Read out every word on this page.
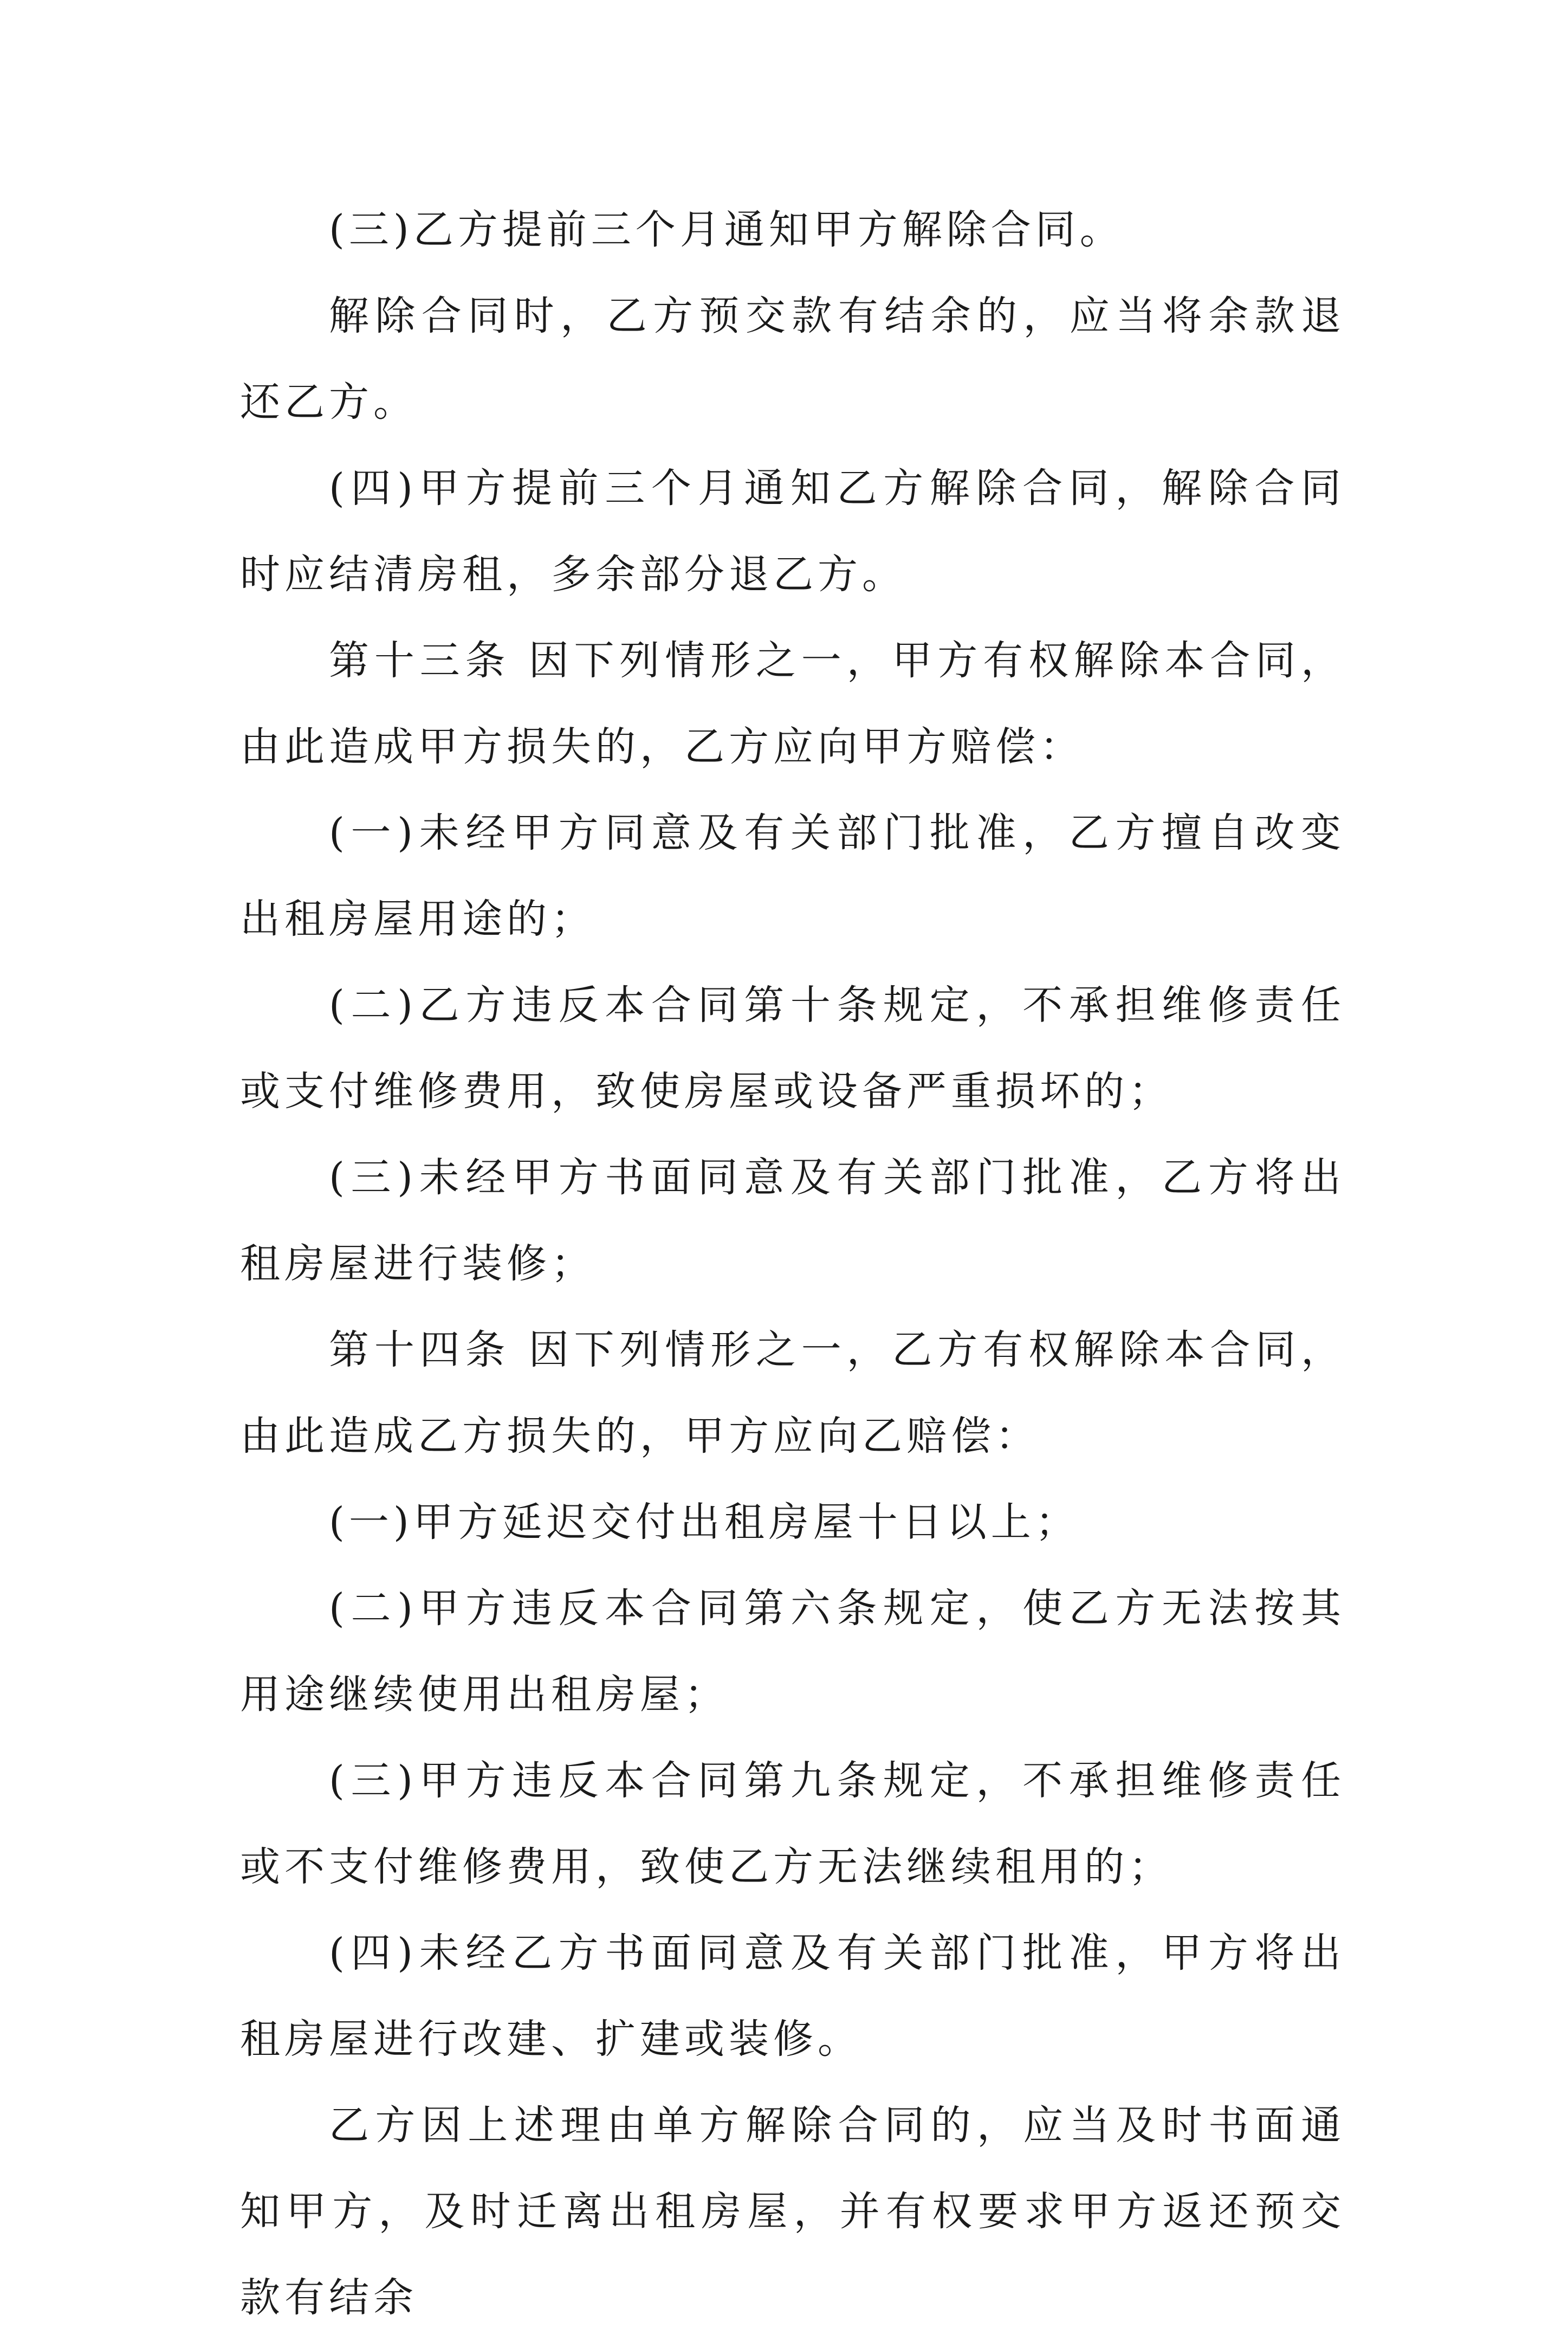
(三)乙方提前三个月通知甲方解除合同。

解除合同时，乙方预交款有结余的，应当将余款退还乙方。

(四)甲方提前三个月通知乙方解除合同，解除合同时应结清房租，多余部分退乙方。

第十三条 因下列情形之一，甲方有权解除本合同，由此造成甲方损失的，乙方应向甲方赔偿：

(一)未经甲方同意及有关部门批准，乙方擅自改变出租房屋用途的；

(二)乙方违反本合同第十条规定，不承担维修责任或支付维修费用，致使房屋或设备严重损坏的；

(三)未经甲方书面同意及有关部门批准，乙方将出租房屋进行装修；

第十四条 因下列情形之一，乙方有权解除本合同，由此造成乙方损失的，甲方应向乙赔偿：

(一)甲方延迟交付出租房屋十日以上；

(二)甲方违反本合同第六条规定，使乙方无法按其用途继续使用出租房屋；

(三)甲方违反本合同第九条规定，不承担维修责任或不支付维修费用，致使乙方无法继续租用的；

(四)未经乙方书面同意及有关部门批准，甲方将出租房屋进行改建、扩建或装修。

乙方因上述理由单方解除合同的，应当及时书面通知甲方，及时迁离出租房屋，并有权要求甲方返还预交款有结余
